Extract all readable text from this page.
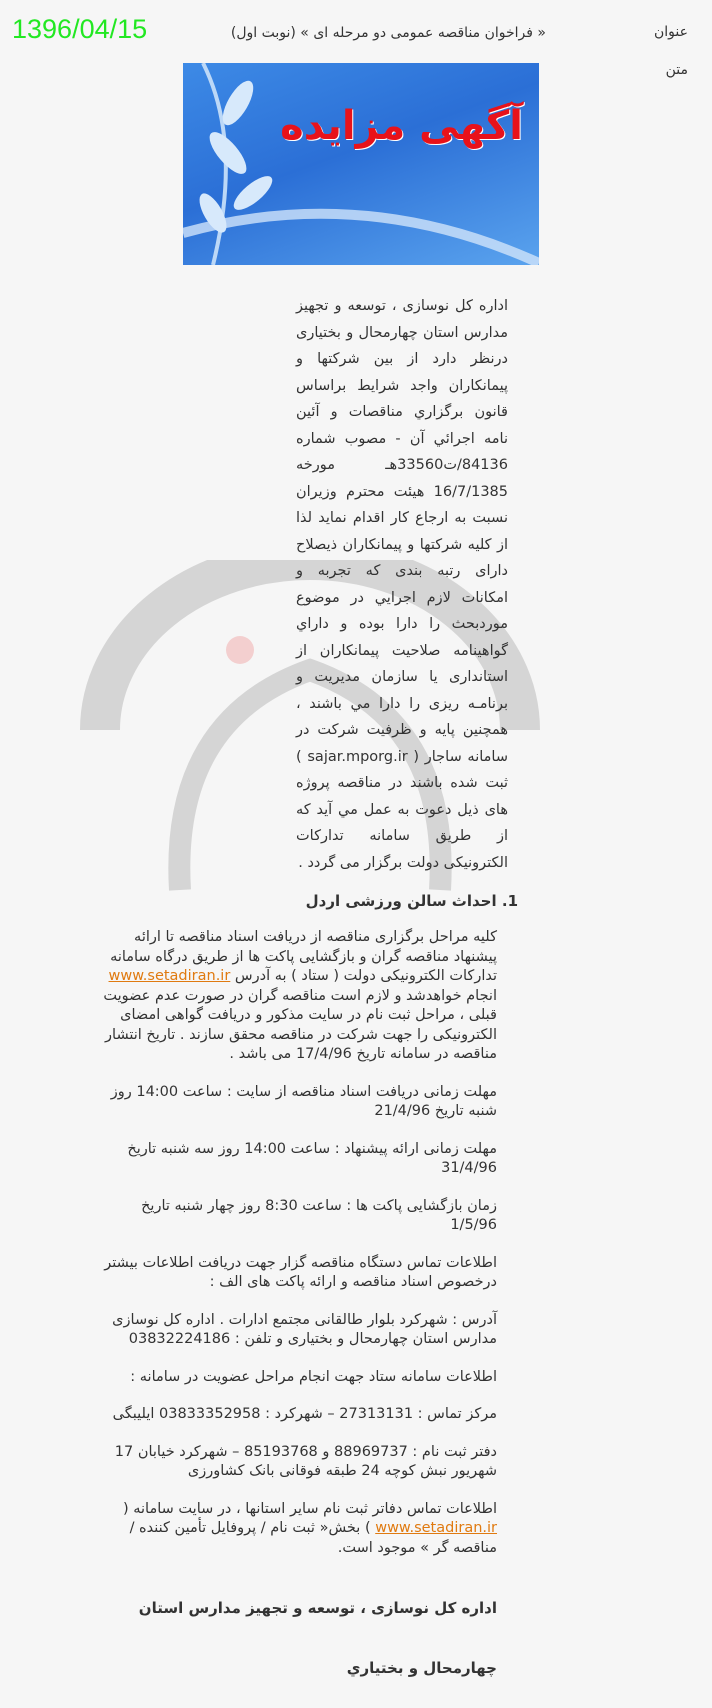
1396/04/15	عنوان
« فراخوان مناقصه عمومی دو مرحله ای » (نوبت اول)
متن
آگهی مزایده
اداره کل نوسازی ، توسعه و تجهیز مدارس استان چهارمحال و بختیاری درنظر دارد از بین شرکتها و پیمانکاران واجد شرایط براساس قانون برگزاري مناقصات و آئين نامه اجرائي آن - مصوب شماره 84136/ت33560هـ مورخه 16/7/1385 هیئت محترم وزیران نسبت به ارجاع کار اقدام نماید لذا از کلیه شرکتها و پیمانکاران ذیصلاح دارای رتبه بندی که تجربه و امکانات لازم اجرايي در موضوع موردبحث را دارا بوده و داراي گواهينامه صلاحيت پيمانكاران از استانداری يا سازمان مديريت و برنامـه ريزی را دارا مي باشند ، همچنین پایه و ظرفیت شرکت در سامانه ساجار ( sajar.mporg.ir ) ثبت شده باشند در مناقصه پروژه های ذیل دعوت به عمل مي آيد که از طريق سامانه تداركات الكترونيكی دولت برگزار می گردد .
1. احداث سالن ورزشی اردل
کلیه مراحل برگزاری مناقصه از دریافت اسناد مناقصه تا ارائه پیشنهاد مناقصه گران و بازگشایی پاکت ها از طریق درگاه سامانه تدارکات الکترونیکی دولت ( ستاد ) به آدرس www.setadiran.ir انجام خواهدشد و لازم است مناقصه گران در صورت عدم عضویت قبلی ، مراحل ثبت نام در سایت مذکور و دریافت گواهی امضای الکترونیکی را جهت شرکت در مناقصه محقق سازند . تاریخ انتشار مناقصه در سامانه تاریخ 17/4/96 می باشد .
مهلت زمانی دریافت اسناد مناقصه از سایت : ساعت 14:00 روز شنبه تاریخ 21/4/96
مهلت زمانی ارائه پیشنهاد : ساعت 14:00 روز سه شنبه تاریخ 31/4/96
زمان بازگشایی پاکت ها : ساعت 8:30 روز چهار شنبه تاریخ 1/5/96
اطلاعات تماس دستگاه مناقصه گزار جهت دریافت اطلاعات بیشتر درخصوص اسناد مناقصه و ارائه پاکت های الف :
آدرس : شهرکرد بلوار طالقانی مجتمع ادارات . اداره کل نوسازی مدارس استان چهارمحال و بختیاری و تلفن : 03832224186
اطلاعات سامانه ستاد جهت انجام مراحل عضویت در سامانه :
مرکز تماس : 27313131 – شهرکرد : 03833352958 ایلیبگی
دفتر ثبت نام : 88969737 و 85193768 – شهرکرد خیابان 17 شهریور نبش کوچه 24 طبقه فوقانی بانک کشاورزی
اطلاعات تماس دفاتر ثبت نام سایر استانها ، در سایت سامانه ( www.setadiran.ir ) بخش« ثبت نام / پروفایل تأمین کننده / مناقصه گر » موجود است.
اداره کل نوسازی ، توسعه و تجهیز مدارس استان
چهارمحال و بختیاري
